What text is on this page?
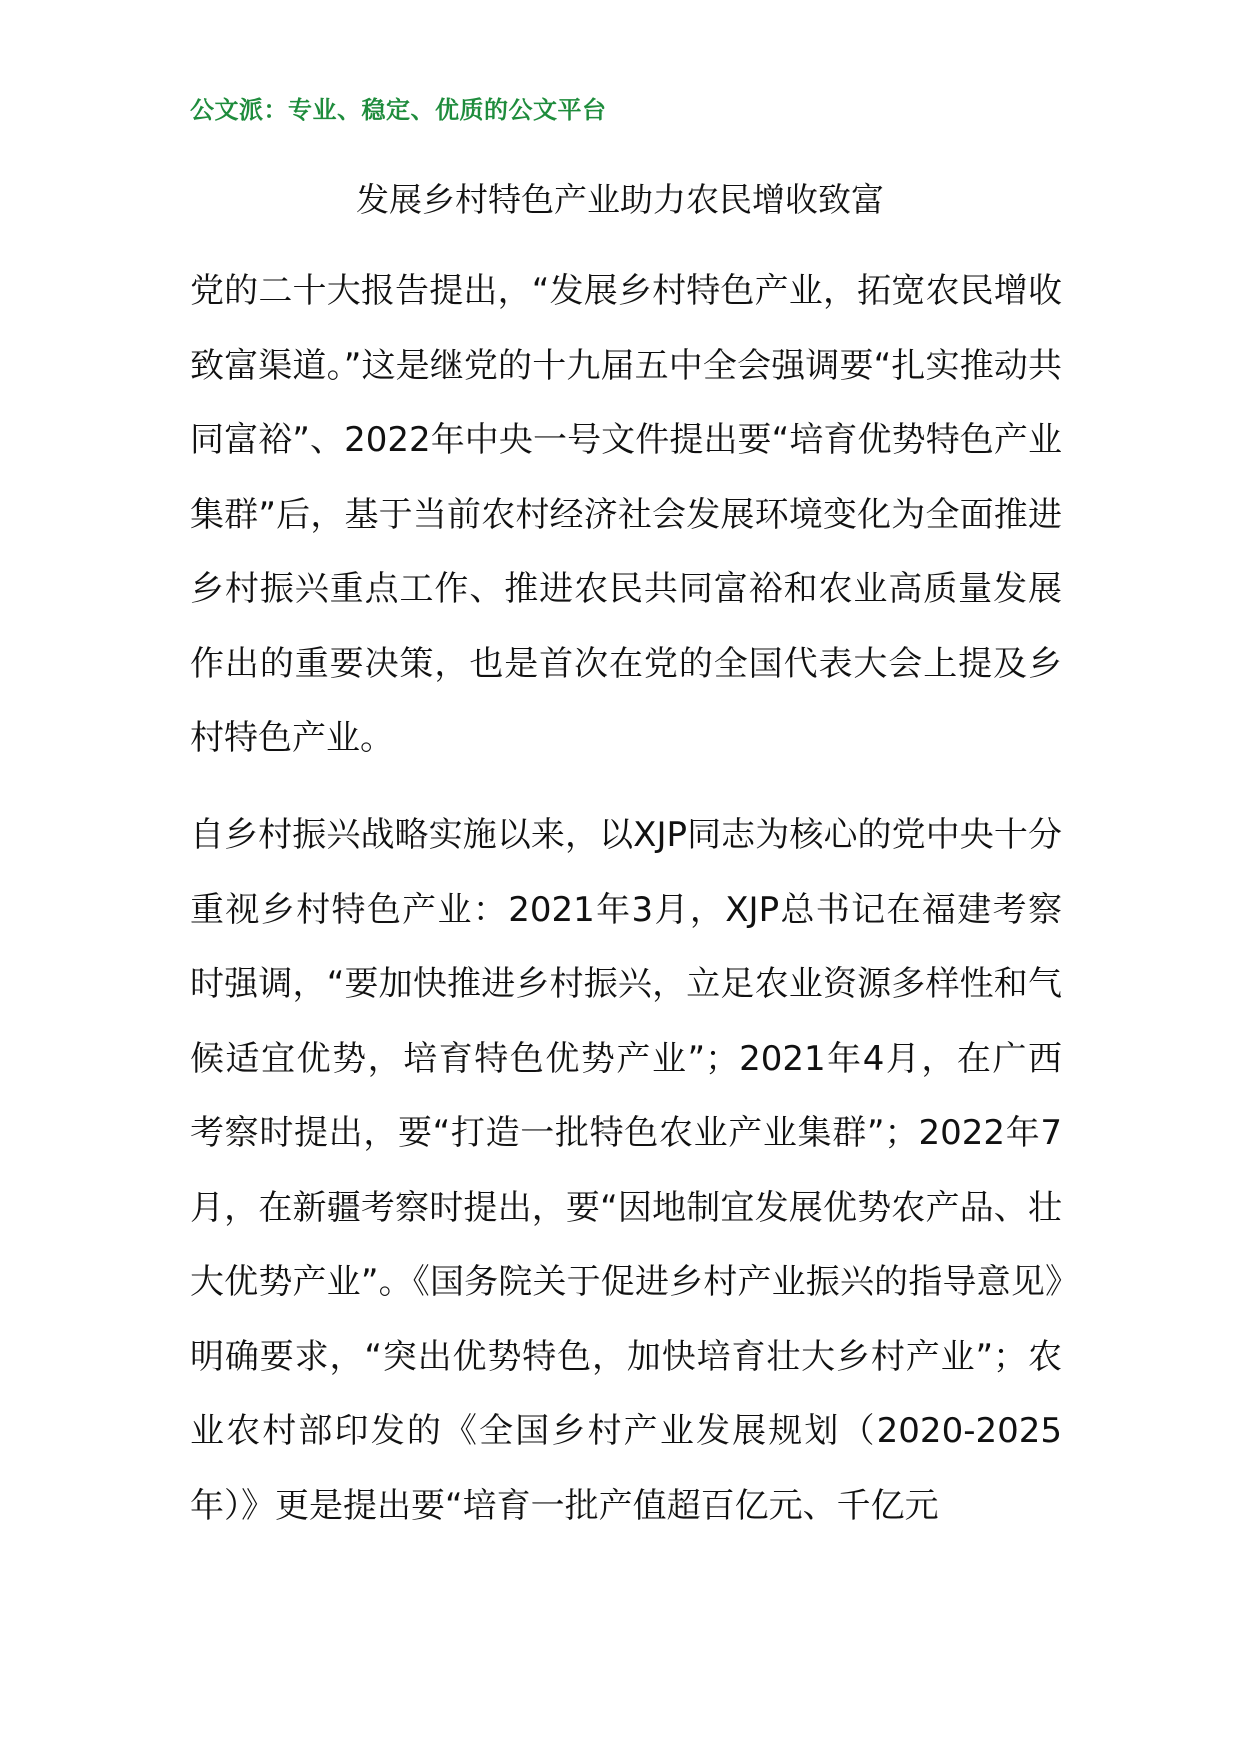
公文派：专业、稳定、优质的公文平台
发展乡村特色产业助力农民增收致富

党的二十大报告提出，“发展乡村特色产业，拓宽农民增收致富渠道。”这是继党的十九届五中全会强调要“扎实推动共同富裕”、2022年中央一号文件提出要“培育优势特色产业集群”后，基于当前农村经济社会发展环境变化为全面推进乡村振兴重点工作、推进农民共同富裕和农业高质量发展作出的重要决策，也是首次在党的全国代表大会上提及乡村特色产业。

自乡村振兴战略实施以来，以XJP同志为核心的党中央十分重视乡村特色产业：2021年3月，XJP总书记在福建考察时强调，“要加快推进乡村振兴，立足农业资源多样性和气候适宜优势，培育特色优势产业”；2021年4月，在广西考察时提出，要“打造一批特色农业产业集群”；2022年7月，在新疆考察时提出，要“因地制宜发展优势农产品、壮大优势产业”。《国务院关于促进乡村产业振兴的指导意见》明确要求，“突出优势特色，加快培育壮大乡村产业”；农业农村部印发的《全国乡村产业发展规划（2020-2025年）》更是提出要“培育一批产值超百亿元、千亿元
